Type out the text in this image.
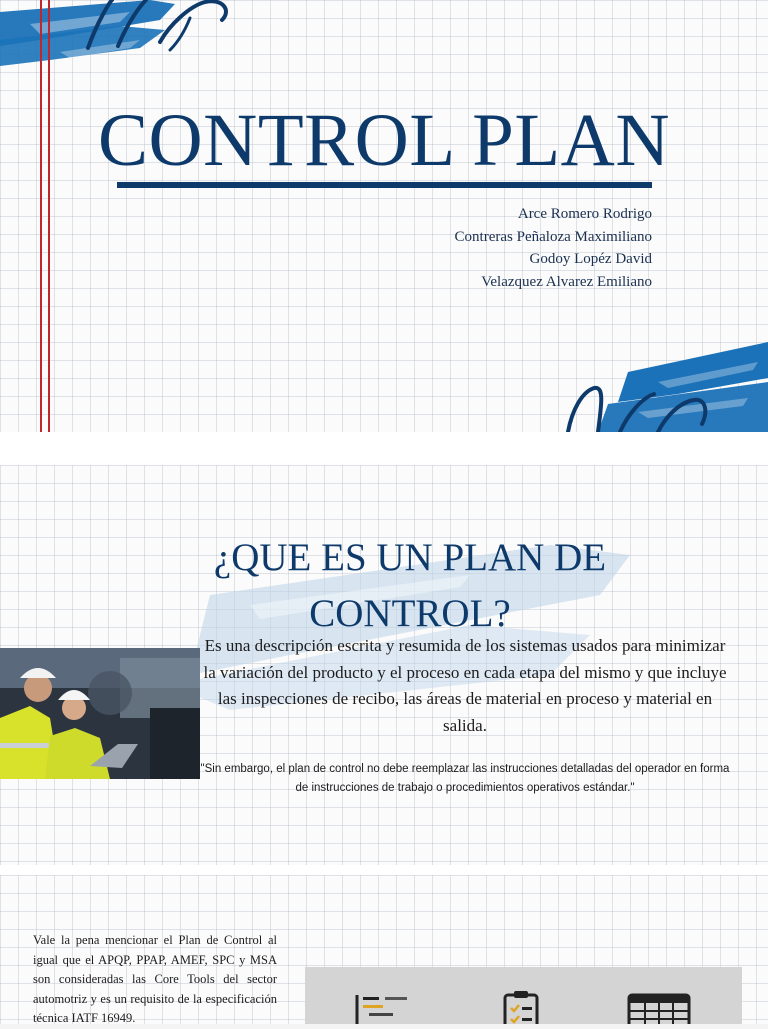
CONTROL PLAN
Arce Romero Rodrigo
Contreras Peñaloza Maximiliano
Godoy Lopéz David
Velazquez Alvarez Emiliano
¿QUE ES UN PLAN DE
CONTROL?
Es una descripción escrita y resumida de los sistemas usados para minimizar la variación del producto y el proceso en cada etapa del mismo y que incluye las inspecciones de recibo, las áreas de material en proceso y material en salida.
"Sin embargo, el plan de control no debe reemplazar las instrucciones detalladas del operador en forma de instrucciones de trabajo o procedimientos operativos estándar."
Vale la pena mencionar el Plan de Control al igual que el APQP, PPAP, AMEF, SPC y MSA son consideradas las Core Tools del sector automotriz y es un requisito de la especificación técnica IATF 16949.
